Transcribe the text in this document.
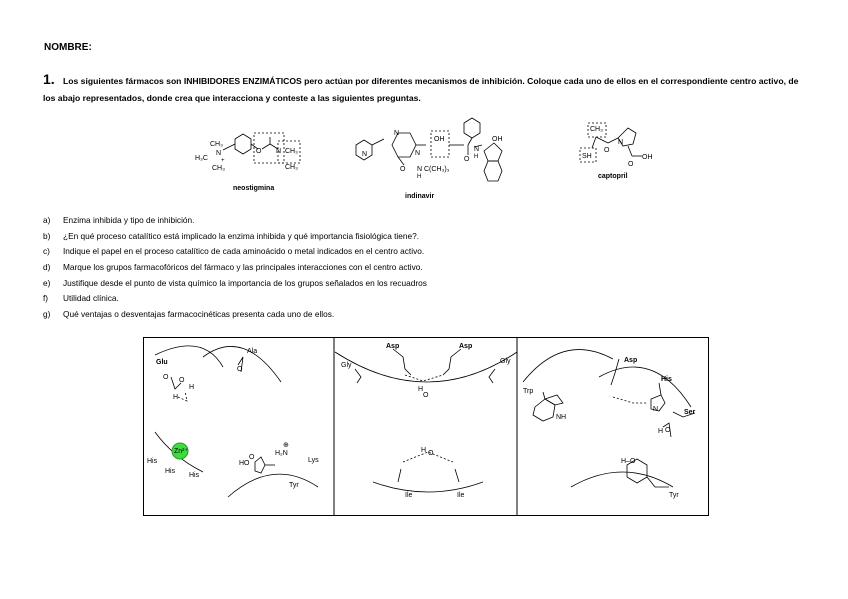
NOMBRE:
1. Los siguientes fármacos son INHIBIDORES ENZIMÁTICOS pero actúan por diferentes mecanismos de inhibición. Coloque cada uno de ellos en el correspondiente centro activo, de los abajo representados, donde crea que interacciona y conteste a las siguientes preguntas.
CH₃
H₃C
N
+
CH₃
O N CH₃
CH₃
neostigmina
N
N
N
OH	OH
O
N
H
O N
H
C(CH₃)₃
indinavir
CH₃
SH
O
N
OH
O
captopril
a)	Enzima inhibida y tipo de inhibición.
b)	¿En qué proceso catalítico está implicado la enzima inhibida y qué importancia fisiológica tiene?.
c)	Indique el papel en el proceso catalítico de cada aminoácido o metal indicados en el centro activo.
d)	Marque los grupos farmacofóricos del fármaco y las principales interacciones con el centro activo.
e)	Justifique desde el punto de vista químico la importancia de los grupos señalados en los recuadros
f)	Utilidad clínica.
g)	Qué ventajas o desventajas farmacocinéticas presenta cada uno de ellos.
Glu
Ala
O O
H
H
O
Zn²⁺
His
His
His
⊕
H₂N
Lys
HO
Tyr
O
Asp	Asp
Gly
Gly
H
O
H O
Ile	Ile
Asp
His
Ser
Trp
NH
N
H O
H–O
Tyr
